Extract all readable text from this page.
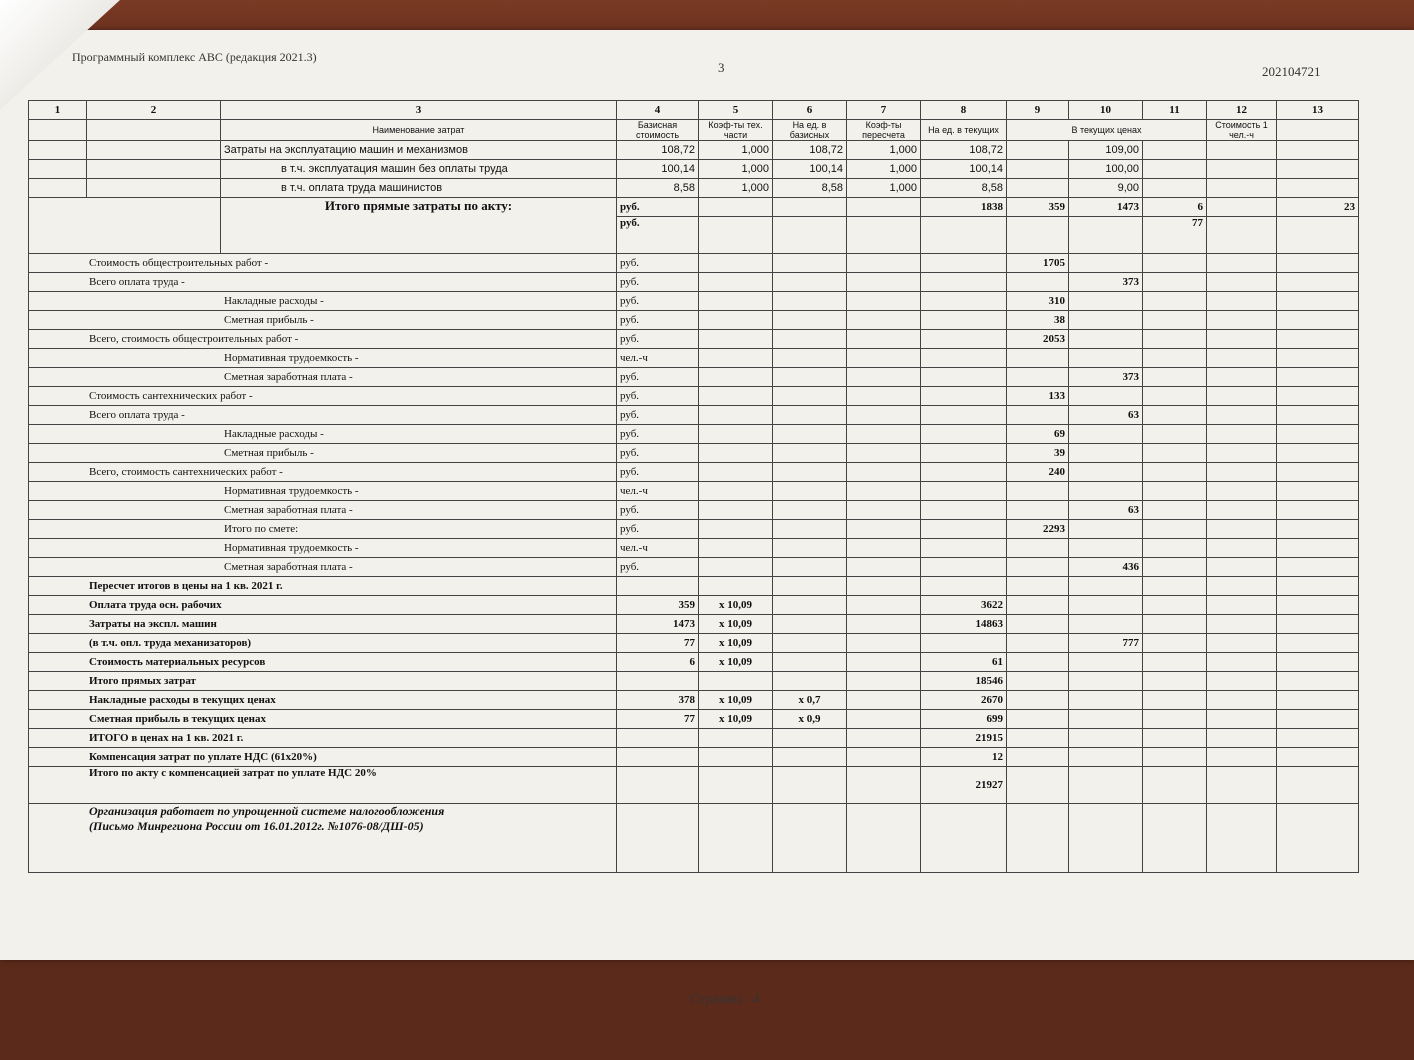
Программный комплекс АВС (редакция 2021.3)
3	202104721
1	2	3	4	5	6	7	8	9	10	11	12	13	
		Наименование затрат	Базисная стоимость	Коэф-ты тех. части	На ед. в базисных	Коэф-ты пересчета	На ед. в текущих	В текущих ценах			Стоимость 1 чел.-ч		
		Затраты на эксплуатацию машин и механизмов	108,72	1,000	108,72	1,000	108,72		109,00				
		в т.ч. эксплуатация машин без оплаты труда	100,14	1,000	100,14	1,000	100,14		100,00				
		в т.ч. оплата труда машинистов	8,58	1,000	8,58	1,000	8,58		9,00				
		Итого прямые затраты по акту:	руб.				1838	359	1473	6		23	
			руб.							77			
Стоимость общестроительных работ -			руб.					1705					
Всего оплата труда -			руб.						373				
Накладные расходы -			руб.					310					
Сметная прибыль -			руб.					38					
Всего, стоимость общестроительных работ -			руб.					2053					
Нормативная трудоемкость -			чел.-ч										
Сметная заработная плата -			руб.						373				
Стоимость сантехнических работ -			руб.					133					
Всего оплата труда -			руб.						63				
Накладные расходы -			руб.					69					
Сметная прибыль -			руб.					39					
Всего, стоимость сантехнических работ -			руб.					240					
Нормативная трудоемкость -			чел.-ч										
Сметная заработная плата -			руб.						63				
Итого по смете:			руб.					2293					
Нормативная трудоемкость -			чел.-ч										
Сметная заработная плата -			руб.						436				
Пересчет итогов в цены на 1 кв. 2021 г.													
Оплата труда осн. рабочих			359	x 10,09			3622						
Затраты на экспл. машин			1473	x 10,09			14863						
(в т.ч. опл. труда механизаторов)			77	x 10,09					777				
Стоимость материальных ресурсов			6	x 10,09			61						
Итого прямых затрат							18546						
Накладные расходы в текущих ценах			378	x 10,09	x 0,7		2670						
Сметная прибыль в текущих ценах			77	x 10,09	x 0,9		699						
ИТОГО в ценах на 1 кв. 2021 г.							21915						
Компенсация затрат по уплате НДС (61x20%)							12						
Итого по акту с компенсацией затрат по уплате НДС 20%							21927						

Организация работает по упрощенной системе налогообложения
(Письмо Минрегиона России от 16.01.2012г. №1076-08/ДШ-05)													

Страниц - 4
